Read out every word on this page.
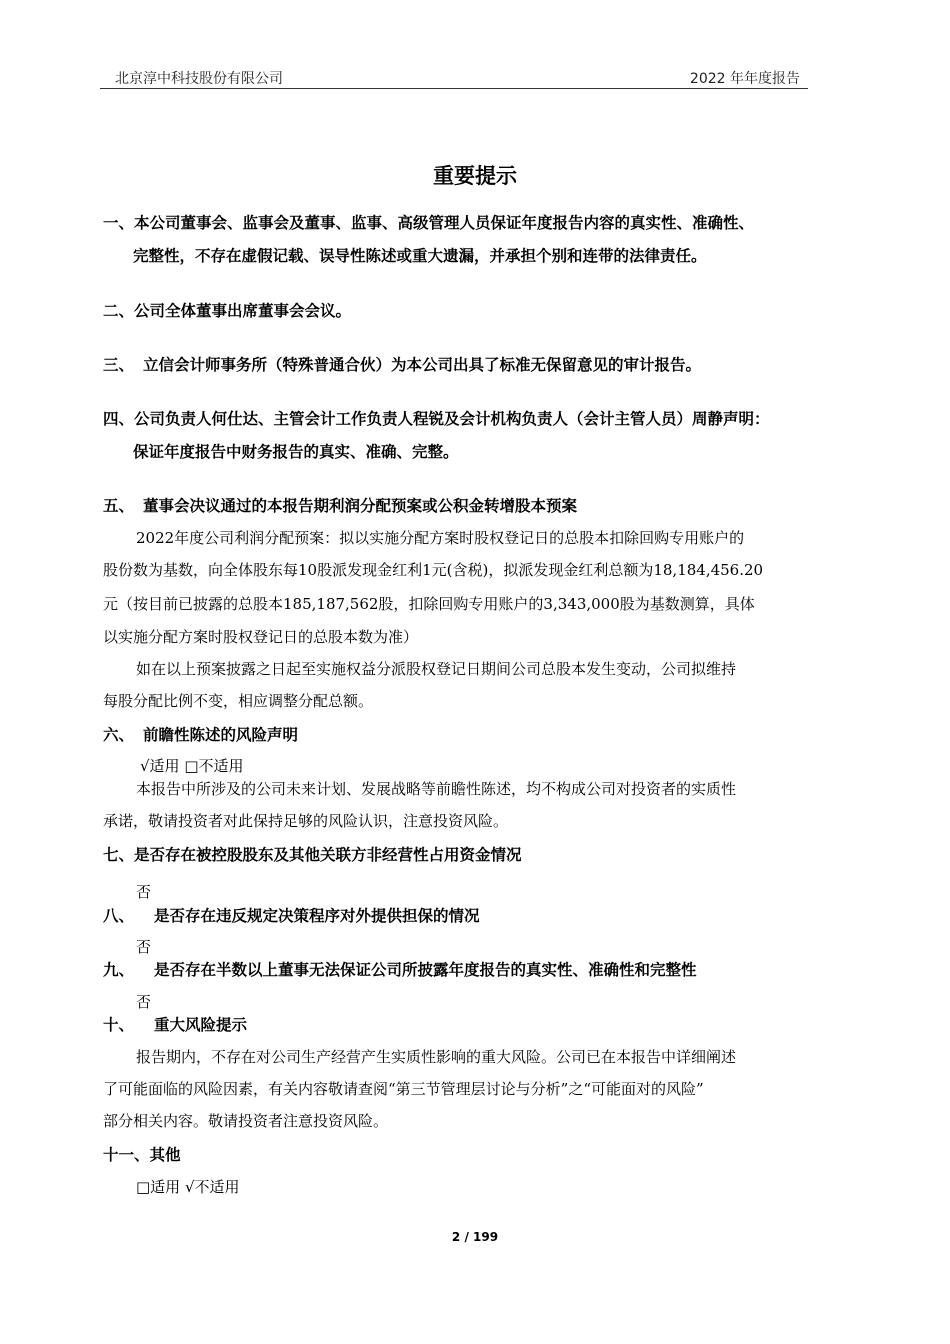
北京淳中科技股份有限公司	2022 年年度报告
重要提示
一、本公司董事会、监事会及董事、监事、高级管理人员保证年度报告内容的真实性、准确性、
完整性，不存在虚假记载、误导性陈述或重大遗漏，并承担个别和连带的法律责任。
二、公司全体董事出席董事会会议。
三、 立信会计师事务所（特殊普通合伙）为本公司出具了标准无保留意见的审计报告。
四、公司负责人何仕达、主管会计工作负责人程锐及会计机构负责人（会计主管人员）周静声明：
保证年度报告中财务报告的真实、准确、完整。
五、 董事会决议通过的本报告期利润分配预案或公积金转增股本预案
2022年度公司利润分配预案：拟以实施分配方案时股权登记日的总股本扣除回购专用账户的
股份数为基数，向全体股东每10股派发现金红利1元(含税)，拟派发现金红利总额为18,184,456.20
元（按目前已披露的总股本185,187,562股，扣除回购专用账户的3,343,000股为基数测算，具体
以实施分配方案时股权登记日的总股本数为准）
如在以上预案披露之日起至实施权益分派股权登记日期间公司总股本发生变动，公司拟维持
每股分配比例不变，相应调整分配总额。
六、 前瞻性陈述的风险声明
√适用 □不适用
本报告中所涉及的公司未来计划、发展战略等前瞻性陈述，均不构成公司对投资者的实质性
承诺，敬请投资者对此保持足够的风险认识，注意投资风险。
七、是否存在被控股股东及其他关联方非经营性占用资金情况
否
八、 是否存在违反规定决策程序对外提供担保的情况
否
九、 是否存在半数以上董事无法保证公司所披露年度报告的真实性、准确性和完整性
否
十、 重大风险提示
报告期内，不存在对公司生产经营产生实质性影响的重大风险。公司已在本报告中详细阐述
了可能面临的风险因素，有关内容敬请查阅“第三节管理层讨论与分析”之“可能面对的风险”
部分相关内容。敬请投资者注意投资风险。
十一、其他
□适用 √不适用
2 / 199
